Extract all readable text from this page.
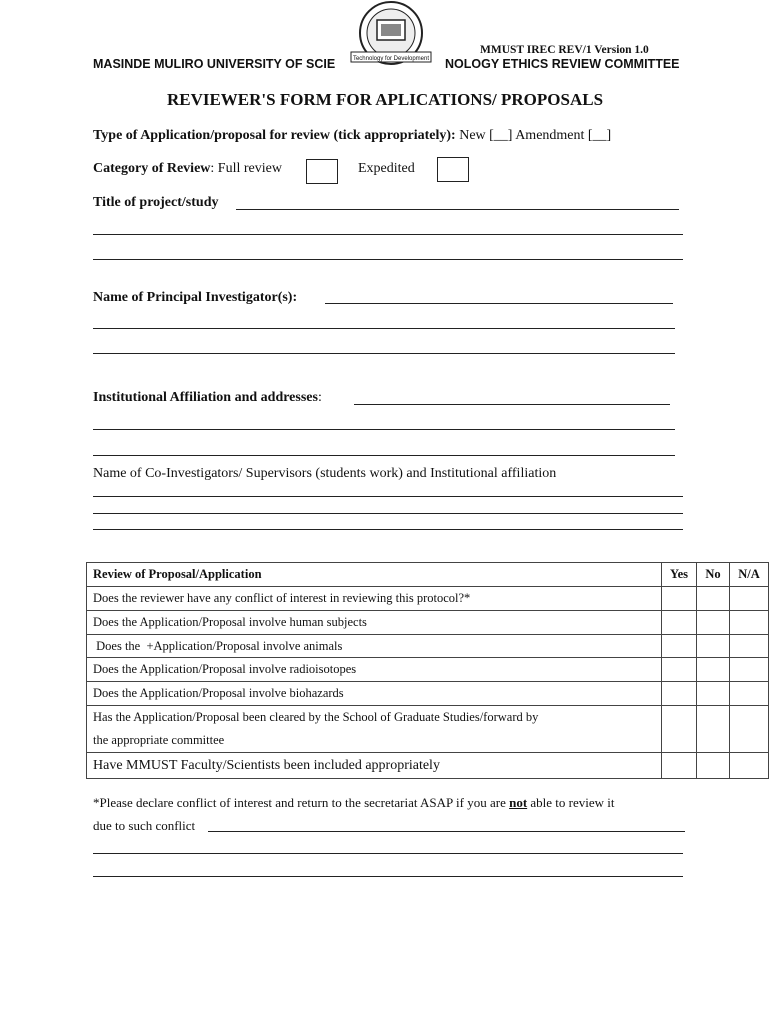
Technology for Development
MMUST IREC REV/1 Version 1.0
MASINDE MULIRO UNIVERSITY OF SCIE	NOLOGY ETHICS REVIEW COMMITTEE
REVIEWER'S FORM FOR APLICATIONS/ PROPOSALS
Type of Application/proposal for review (tick appropriately): New [__] Amendment [__]
Category of Review: Full review	Expedited
Title of project/study
Name of Principal Investigator(s):
Institutional Affiliation and addresses:
Name of Co-Investigators/ Supervisors (students work) and Institutional affiliation
Review of Proposal/Application	Yes	No	N/A
Does the reviewer have any conflict of interest in reviewing this protocol?*			
Does the Application/Proposal involve human subjects			
Does the  +Application/Proposal involve animals			
Does the Application/Proposal involve radioisotopes			
Does the Application/Proposal involve biohazards			
Has the Application/Proposal been cleared by the School of Graduate Studies/forward by the appropriate committee			
Have MMUST Faculty/Scientists been included appropriately			
*Please declare conflict of interest and return to the secretariat ASAP if you are not able to review it
due to such conflict
